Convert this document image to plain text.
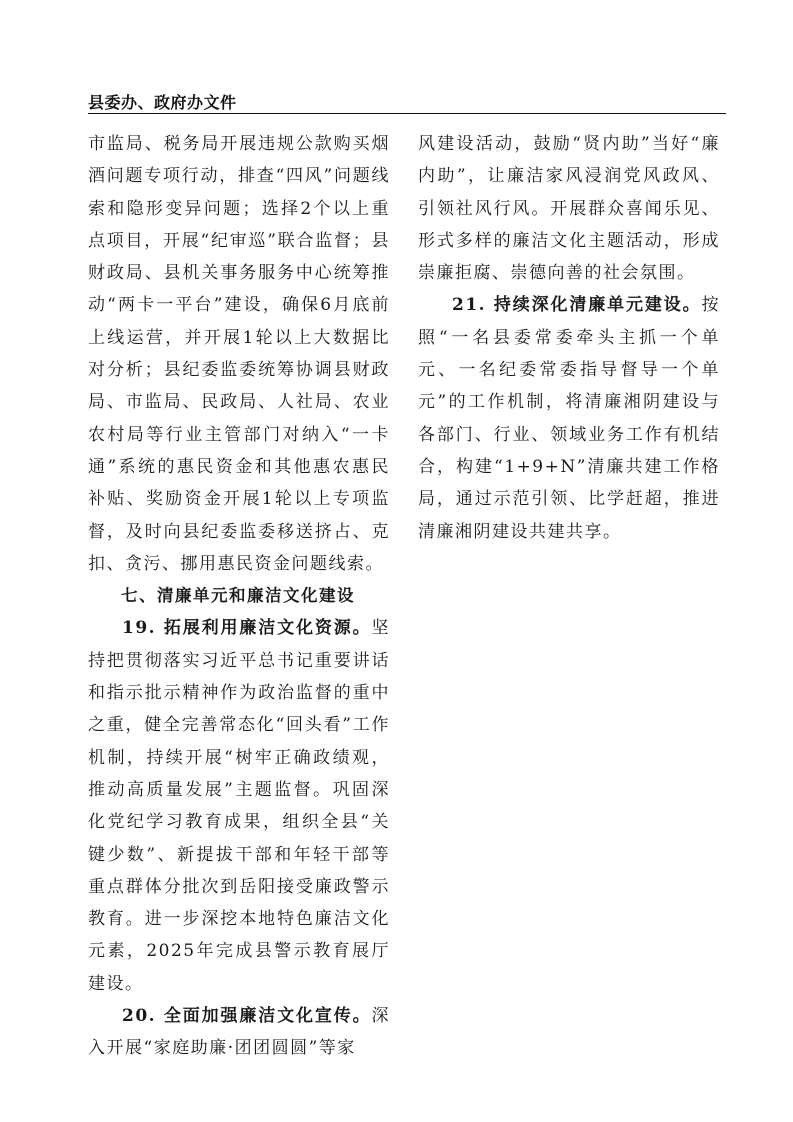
县委办、政府办文件

市监局、税务局开展违规公款购买烟酒问题专项行动，排查“四风”问题线索和隐形变异问题；选择2个以上重点项目，开展“纪审巡”联合监督；县财政局、县机关事务服务中心统筹推动“两卡一平台”建设，确保6月底前上线运营，并开展1轮以上大数据比对分析；县纪委监委统筹协调县财政局、市监局、民政局、人社局、农业农村局等行业主管部门对纳入“一卡通”系统的惠民资金和其他惠农惠民补贴、奖励资金开展1轮以上专项监督，及时向县纪委监委移送挤占、克扣、贪污、挪用惠民资金问题线索。

七、清廉单元和廉洁文化建设

19. 拓展利用廉洁文化资源。坚持把贯彻落实习近平总书记重要讲话和指示批示精神作为政治监督的重中之重，健全完善常态化“回头看”工作机制，持续开展“树牢正确政绩观，推动高质量发展”主题监督。巩固深化党纪学习教育成果，组织全县“关键少数”、新提拔干部和年轻干部等重点群体分批次到岳阳接受廉政警示教育。进一步深挖本地特色廉洁文化元素，2025年完成县警示教育展厅建设。

20. 全面加强廉洁文化宣传。深入开展“家庭助廉·团团圆圆”等家

风建设活动，鼓励“贤内助”当好“廉内助”，让廉洁家风浸润党风政风、引领社风行风。开展群众喜闻乐见、形式多样的廉洁文化主题活动，形成崇廉拒腐、崇德向善的社会氛围。

21. 持续深化清廉单元建设。按照“一名县委常委牵头主抓一个单元、一名纪委常委指导督导一个单元”的工作机制，将清廉湘阴建设与各部门、行业、领域业务工作有机结合，构建“1+9+N”清廉共建工作格局，通过示范引领、比学赶超，推进清廉湘阴建设共建共享。
